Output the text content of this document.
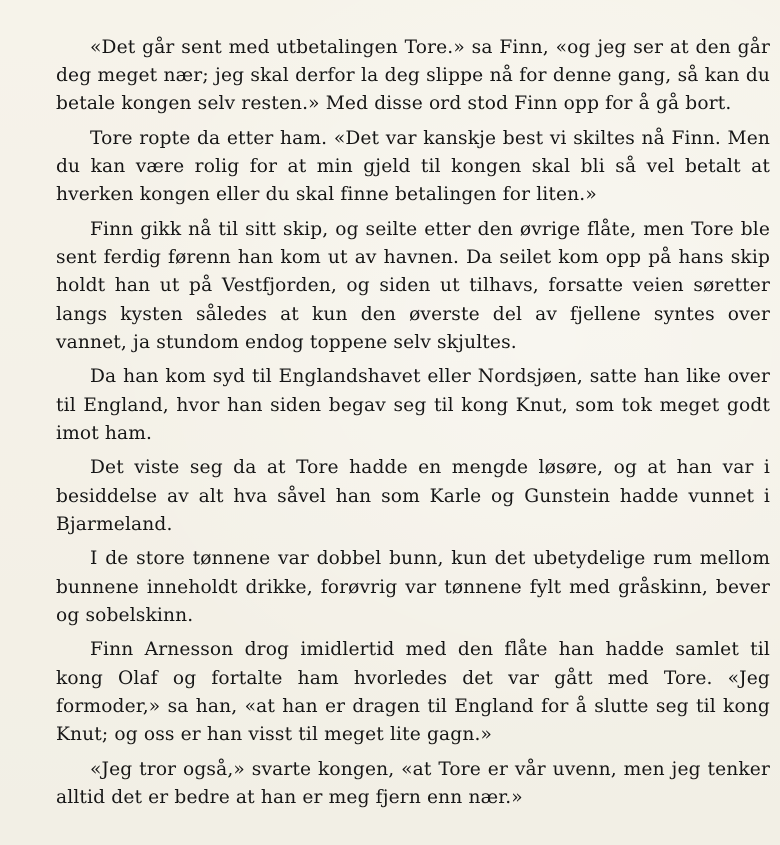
«Det går sent med utbetalingen Tore.» sa Finn, «og jeg ser at den går deg meget nær; jeg skal derfor la deg slippe nå for denne gang, så kan du betale kongen selv resten.» Med disse ord stod Finn opp for å gå bort.

Tore ropte da etter ham. «Det var kanskje best vi skiltes nå Finn. Men du kan være rolig for at min gjeld til kongen skal bli så vel betalt at hverken kongen eller du skal finne betalingen for liten.»

Finn gikk nå til sitt skip, og seilte etter den øvrige flåte, men Tore ble sent ferdig førenn han kom ut av havnen. Da seilet kom opp på hans skip holdt han ut på Vestfjorden, og siden ut tilhavs, forsatte veien søretter langs kysten således at kun den øverste del av fjellene syntes over vannet, ja stundom endog toppene selv skjultes.

Da han kom syd til Englandshavet eller Nordsjøen, satte han like over til England, hvor han siden begav seg til kong Knut, som tok meget godt imot ham.

Det viste seg da at Tore hadde en mengde løsøre, og at han var i besiddelse av alt hva såvel han som Karle og Gunstein hadde vunnet i Bjarmeland.

I de store tønnene var dobbel bunn, kun det ubetydelige rum mellom bunnene inneholdt drikke, forøvrig var tønnene fylt med gråskinn, bever og sobelskinn.

Finn Arnesson drog imidlertid med den flåte han hadde samlet til kong Olaf og fortalte ham hvorledes det var gått med Tore. «Jeg formoder,» sa han, «at han er dragen til England for å slutte seg til kong Knut; og oss er han visst til meget lite gagn.»

«Jeg tror også,» svarte kongen, «at Tore er vår uvenn, men jeg tenker alltid det er bedre at han er meg fjern enn nær.»
